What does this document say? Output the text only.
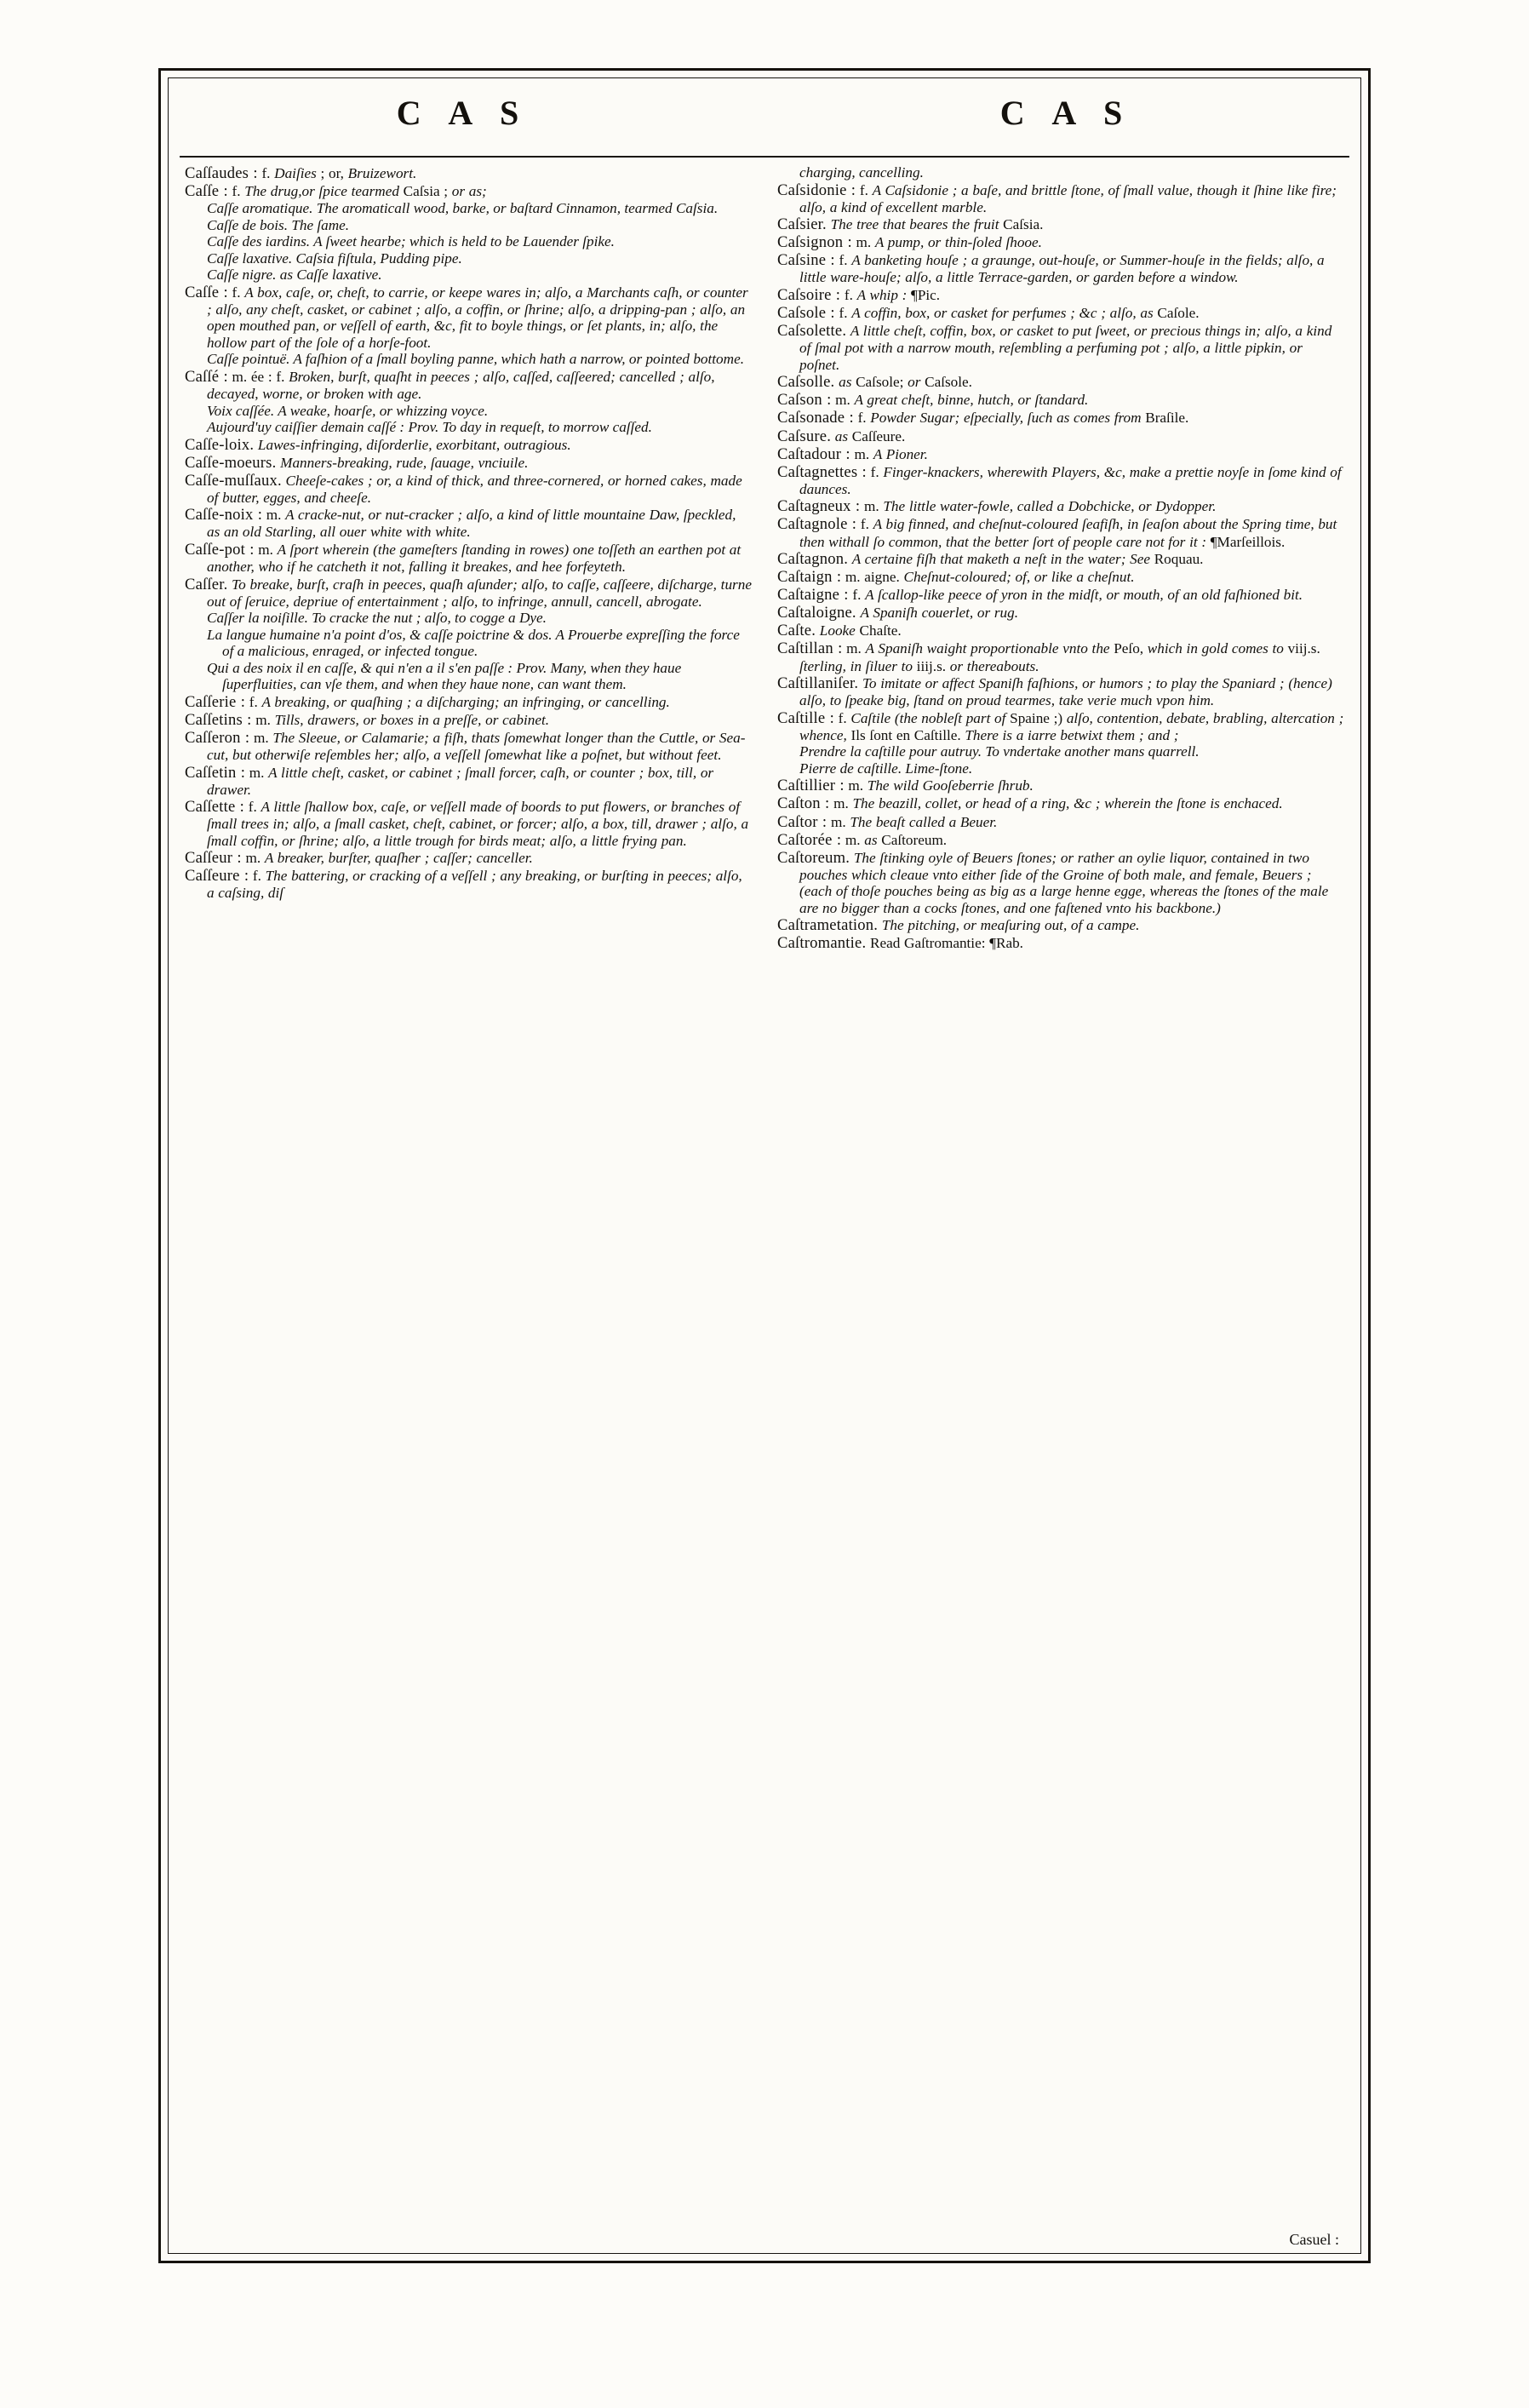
C A S	C A S
Caſſaudes : f. Daiſies ; or, Bruizewort.
Caſſe : f. The drug,or ſpice tearmed Caſsia ; or as;
Caſſe aromatique. The aromaticall wood, barke, or baſtard Cinnamon, tearmed Caſsia.
Caſſe de bois. The ſame.
Caſſe des iardins. A ſweet hearbe; which is held to be Lauender ſpike.
Caſſe laxative. Caſsia fiſtula, Pudding pipe.
Caſſe nigre. as Caſſe laxative.
Caſſe : f. A box, caſe, or, cheſt, to carrie, or keepe wares in; alſo, a Marchants caſh, or counter ; alſo, any cheſt, casket, or cabinet ; alſo, a coffin, or ſhrine; alſo, a dripping-pan ; alſo, an open mouthed pan, or veſſell of earth, &c, fit to boyle things, or ſet plants, in; alſo, the hollow part of the ſole of a horſe-foot.
Caſſe pointuë. A faſhion of a ſmall boyling panne, which hath a narrow, or pointed bottome.
Caſſé : m. ée : f. Broken, burſt, quaſht in peeces ; alſo, caſſed, caſſeered; cancelled ; alſo, decayed, worne, or broken with age.
Voix caſſée. A weake, hoarſe, or whizzing voyce.
Aujourd'uy caiſſier demain caſſé : Prov. To day in requeſt, to morrow caſſed.
Caſſe-loix. Lawes-infringing, diſorderlie, exorbitant, outragious.
Caſſe-moeurs. Manners-breaking, rude, ſauage, vnciuile.
Caſſe-muſſaux. Cheeſe-cakes ; or, a kind of thick, and three-cornered, or horned cakes, made of butter, egges, and cheeſe.
Caſſe-noix : m. A cracke-nut, or nut-cracker ; alſo, a kind of little mountaine Daw, ſpeckled, as an old Starling, all ouer white with white.
Caſſe-pot : m. A ſport wherein (the gameſters ſtanding in rowes) one toſſeth an earthen pot at another, who if he catcheth it not, falling it breakes, and hee forfeyteth.
Caſſer. To breake, burſt, craſh in peeces, quaſh aſunder; alſo, to caſſe, caſſeere, diſcharge, turne out of ſeruice, depriue of entertainment ; alſo, to infringe, annull, cancell, abrogate.
Caſſer la noiſille. To cracke the nut ; alſo, to cogge a Dye.
La langue humaine n'a point d'os, & caſſe poictrine & dos. A Prouerbe expreſſing the force of a malicious, enraged, or infected tongue.
Qui a des noix il en caſſe, & qui n'en a il s'en paſſe : Prov. Many, when they haue ſuperfluities, can vſe them, and when they haue none, can want them.
Caſſerie : f. A breaking, or quaſhing ; a diſcharging; an infringing, or cancelling.
Caſſetins : m. Tills, drawers, or boxes in a preſſe, or cabinet.
Caſſeron : m. The Sleeue, or Calamarie; a fiſh, thats ſomewhat longer than the Cuttle, or Sea-cut, but otherwiſe reſembles her; alſo, a veſſell ſomewhat like a poſnet, but without feet.
Caſſetin : m. A little cheſt, casket, or cabinet ; ſmall forcer, caſh, or counter ; box, till, or drawer.
Caſſette : f. A little ſhallow box, caſe, or veſſell made of boords to put flowers, or branches of ſmall trees in; alſo, a ſmall casket, cheſt, cabinet, or forcer; alſo, a box, till, drawer ; alſo, a ſmall coffin, or ſhrine; alſo, a little trough for birds meat; alſo, a little frying pan.
Caſſeur : m. A breaker, burſter, quaſher ; caſſer; canceller.
Caſſeure : f. The battering, or cracking of a veſſell ; any breaking, or burſting in peeces; alſo, a caſsing, diſ
charging, cancelling.
Caſsidonie : f. A Caſsidonie ; a baſe, and brittle ſtone, of ſmall value, though it ſhine like fire; alſo, a kind of excellent marble.
Caſsier. The tree that beares the fruit Caſsia.
Caſsignon : m. A pump, or thin-ſoled ſhooe.
Caſsine : f. A banketing houſe ; a graunge, out-houſe, or Summer-houſe in the fields; alſo, a little ware-houſe; alſo, a little Terrace-garden, or garden before a window.
Caſsoire : f. A whip : ¶Pic.
Caſsole : f. A coffin, box, or casket for perfumes ; &c ; alſo, as Caſole.
Caſsolette. A little cheſt, coffin, box, or casket to put ſweet, or precious things in; alſo, a kind of ſmal pot with a narrow mouth, reſembling a perfuming pot ; alſo, a little pipkin, or poſnet.
Caſsolle. as Caſsole; or Caſsole.
Caſson : m. A great cheſt, binne, hutch, or ſtandard.
Caſsonade : f. Powder Sugar; eſpecially, ſuch as comes from Braſile.
Caſsure. as Caſſeure.
Caſtadour : m. A Pioner.
Caſtagnettes : f. Finger-knackers, wherewith Players, &c, make a prettie noyſe in ſome kind of daunces.
Caſtagneux : m. The little water-fowle, called a Dobchicke, or Dydopper.
Caſtagnole : f. A big finned, and cheſnut-coloured ſeafiſh, in ſeaſon about the Spring time, but then withall ſo common, that the better ſort of people care not for it : ¶Marſeillois.
Caſtagnon. A certaine fiſh that maketh a neſt in the water; See Roquau.
Caſtaign : m. aigne. Cheſnut-coloured; of, or like a cheſnut.
Caſtaigne : f. A ſcallop-like peece of yron in the midſt, or mouth, of an old faſhioned bit.
Caſtaloigne. A Spaniſh couerlet, or rug.
Caſte. Looke Chaſte.
Caſtillan : m. A Spaniſh waight proportionable vnto the Peſo, which in gold comes to viij.s. ſterling, in ſiluer to iiij.s. or thereabouts.
Caſtillaniſer. To imitate or affect Spaniſh faſhions, or humors ; to play the Spaniard ; (hence) alſo, to ſpeake big, ſtand on proud tearmes, take verie much vpon him.
Caſtille : f. Caſtile (the nobleſt part of Spaine ;) alſo, contention, debate, brabling, altercation ; whence, Ils ſont en Caſtille. There is a iarre betwixt them ; and ;
Prendre la caſtille pour autruy. To vndertake another mans quarrell.
Pierre de caſtille. Lime-ſtone.
Caſtillier : m. The wild Gooſeberrie ſhrub.
Caſton : m. The beazill, collet, or head of a ring, &c ; wherein the ſtone is enchaced.
Caſtor : m. The beaſt called a Beuer.
Caſtorée : m. as Caſtoreum.
Caſtoreum. The ſtinking oyle of Beuers ſtones; or rather an oylie liquor, contained in two pouches which cleaue vnto either ſide of the Groine of both male, and female, Beuers ; (each of thoſe pouches being as big as a large henne egge, whereas the ſtones of the male are no bigger than a cocks ſtones, and one faſtened vnto his backbone.)
Caſtrametation. The pitching, or meaſuring out, of a campe.
Caſtromantie. Read Gaſtromantie: ¶Rab.
Casuel :
